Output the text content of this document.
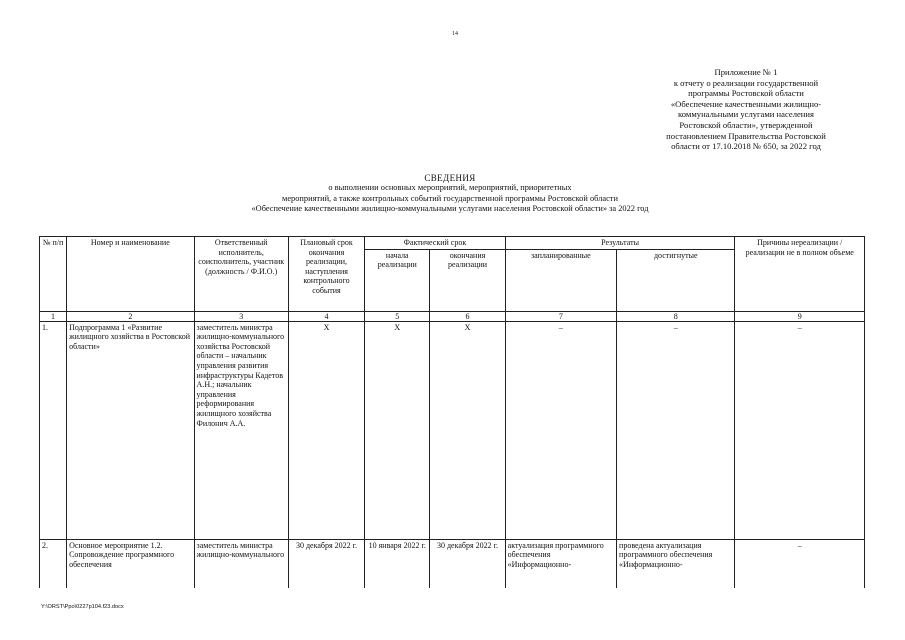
14
Приложение № 1
к отчету о реализации государственной
программы Ростовской области
«Обеспечение качественными жилищно-
коммунальными услугами населения
Ростовской области», утвержденной
постановлением Правительства Ростовской
области от 17.10.2018 № 650, за 2022 год
СВЕДЕНИЯ
о выполнении основных мероприятий, мероприятий, приоритетных
мероприятий, а также контрольных событий государственной программы Ростовской области
«Обеспечение качественными жилищно-коммунальными услугами населения Ростовской области» за 2022 год
№ п/п	Номер и наименование	Ответственный исполнитель, соисполнитель, участник (должность / Ф.И.О.)	Плановый срок окончания реализации, наступления контрольного события	Фактический срок		Результаты		Причины нереализации / реализации не в полном объеме
				начала реализации	окончания реализации	запланированные	достигнутые	
1	2	3	4	5	6	7	8	9
1.	Подпрограмма 1 «Развитие жилищного хозяйства в Ростовской области»	заместитель министра жилищно-коммунального хозяйства Ростовской области – начальник управления развития инфраструктуры Кадетов А.Н.; начальник управления реформирования жилищного хозяйства Филонич А.А.	Х	Х	Х	–	–	–
2.	Основное мероприятие 1.2. Сопровождение программного обеспечения	заместитель министра жилищно-коммунального	30 декабря 2022 г.	10 января 2022 г.	30 декабря 2022 г.	актуализация программного обеспечения «Информационно-	проведена актуализация программного обеспечения «Информационно-	–
Y:\ORST\Ppo\0227p104.f23.docx
